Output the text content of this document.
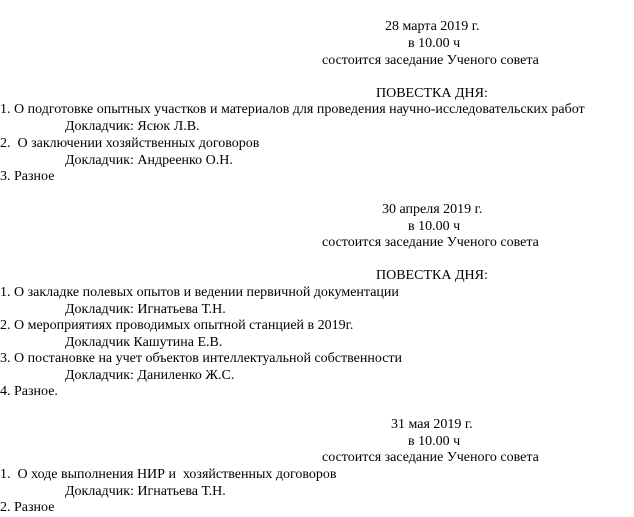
28 марта 2019 г.
в 10.00 ч
состоится заседание Ученого совета
ПОВЕСТКА ДНЯ:
1. О подготовке опытных участков и материалов для проведения научно-исследовательских работ
Докладчик: Ясюк Л.В.
2.  О заключении хозяйственных договоров
Докладчик: Андреенко О.Н.
3. Разное
30 апреля 2019 г.
в 10.00 ч
состоится заседание Ученого совета
ПОВЕСТКА ДНЯ:
1. О закладке полевых опытов и ведении первичной документации
Докладчик: Игнатьева Т.Н.
2. О мероприятиях проводимых опытной станцией в 2019г.
Докладчик Кашутина Е.В.
3. О постановке на учет объектов интеллектуальной собственности
Докладчик: Даниленко Ж.С.
4. Разное.
31 мая 2019 г.
в 10.00 ч
состоится заседание Ученого совета
1.  О ходе выполнения НИР и  хозяйственных договоров
Докладчик: Игнатьева Т.Н.
2. Разное
